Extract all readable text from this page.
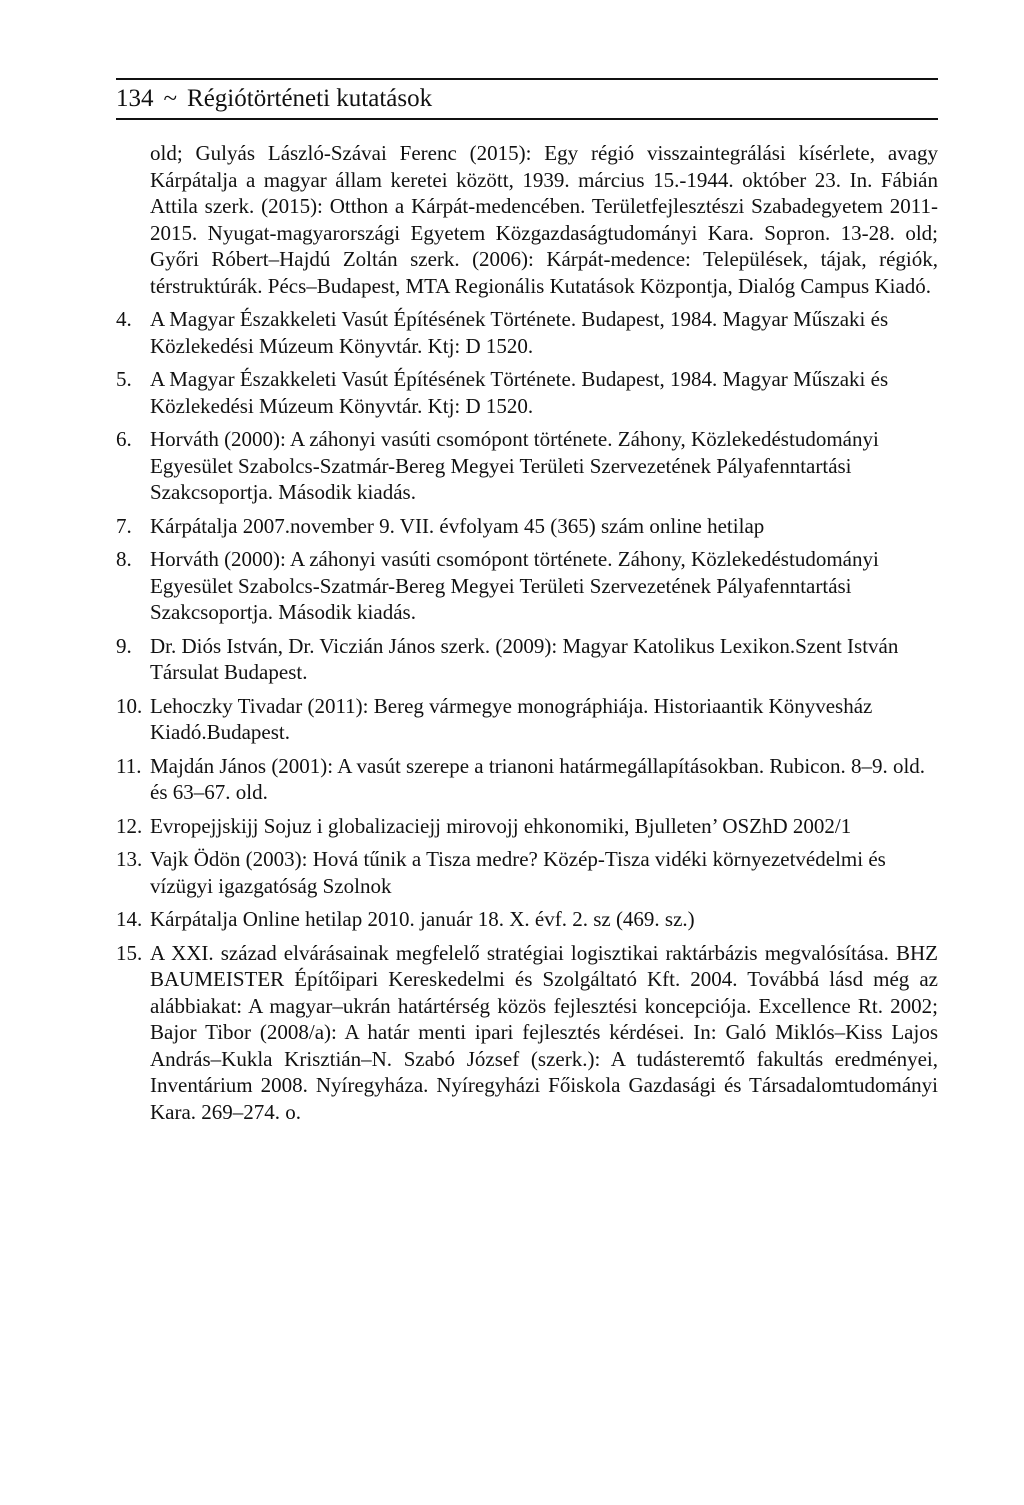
134 ~ Régiótörténeti kutatások
old; Gulyás László-Szávai Ferenc (2015): Egy régió visszaintegrálási kísérlete, avagy Kárpátalja a magyar állam keretei között, 1939. március 15.-1944. október 23. In. Fábián Attila szerk. (2015): Otthon a Kárpát-medencében. Területfejlesztészi Szabadegyetem 2011-2015. Nyugat-magyarországi Egyetem Közgazdaságtudományi Kara. Sopron. 13-28. old; Győri Róbert–Hajdú Zoltán szerk. (2006): Kárpát-medence: Települések, tájak, régiók, térstruktúrák. Pécs–Budapest, MTA Regionális Kutatások Központja, Dialóg Campus Kiadó.
4. A Magyar Északkeleti Vasút Építésének Története. Budapest, 1984. Magyar Műszaki és Közlekedési Múzeum Könyvtár. Ktj: D 1520.
5. A Magyar Északkeleti Vasút Építésének Története. Budapest, 1984. Magyar Műszaki és Közlekedési Múzeum Könyvtár. Ktj: D 1520.
6. Horváth (2000): A záhonyi vasúti csomópont története. Záhony, Közlekedéstudományi Egyesület Szabolcs-Szatmár-Bereg Megyei Területi Szervezetének Pályafenntartási Szakcsoportja. Második kiadás.
7. Kárpátalja 2007.november 9. VII. évfolyam 45 (365) szám online hetilap
8. Horváth (2000): A záhonyi vasúti csomópont története. Záhony, Közlekedéstudományi Egyesület Szabolcs-Szatmár-Bereg Megyei Területi Szervezetének Pályafenntartási Szakcsoportja. Második kiadás.
9. Dr. Diós István, Dr. Viczián János szerk. (2009): Magyar Katolikus Lexikon.Szent István Társulat Budapest.
10. Lehoczky Tivadar (2011): Bereg vármegye monográphiája. Historiaantik Könyvesház Kiadó.Budapest.
11. Majdán János (2001): A vasút szerepe a trianoni határmegállapításokban. Rubicon. 8–9. old. és 63–67. old.
12. Evropejjskijj Sojuz i globalizaciejj mirovojj ehkonomiki, Bjulleten’ OSZhD 2002/1
13. Vajk Ödön (2003): Hová tűnik a Tisza medre? Közép-Tisza vidéki környezetvédelmi és vízügyi igazgatóság Szolnok
14. Kárpátalja Online hetilap 2010. január 18. X. évf. 2. sz (469. sz.)
15. A XXI. század elvárásainak megfelelő stratégiai logisztikai raktárbázis megvalósítása. BHZ BAUMEISTER Építőipari Kereskedelmi és Szolgáltató Kft. 2004. Továbbá lásd még az alábbiakat: A magyar–ukrán határtérség közös fejlesztési koncepciója. Excellence Rt. 2002; Bajor Tibor (2008/a): A határ menti ipari fejlesztés kérdései. In: Galó Miklós–Kiss Lajos András–Kukla Krisztián–N. Szabó József (szerk.): A tudásteremtő fakultás eredményei, Inventárium 2008. Nyíregyháza. Nyíregyházi Főiskola Gazdasági és Társadalomtudományi Kara. 269–274. o.
